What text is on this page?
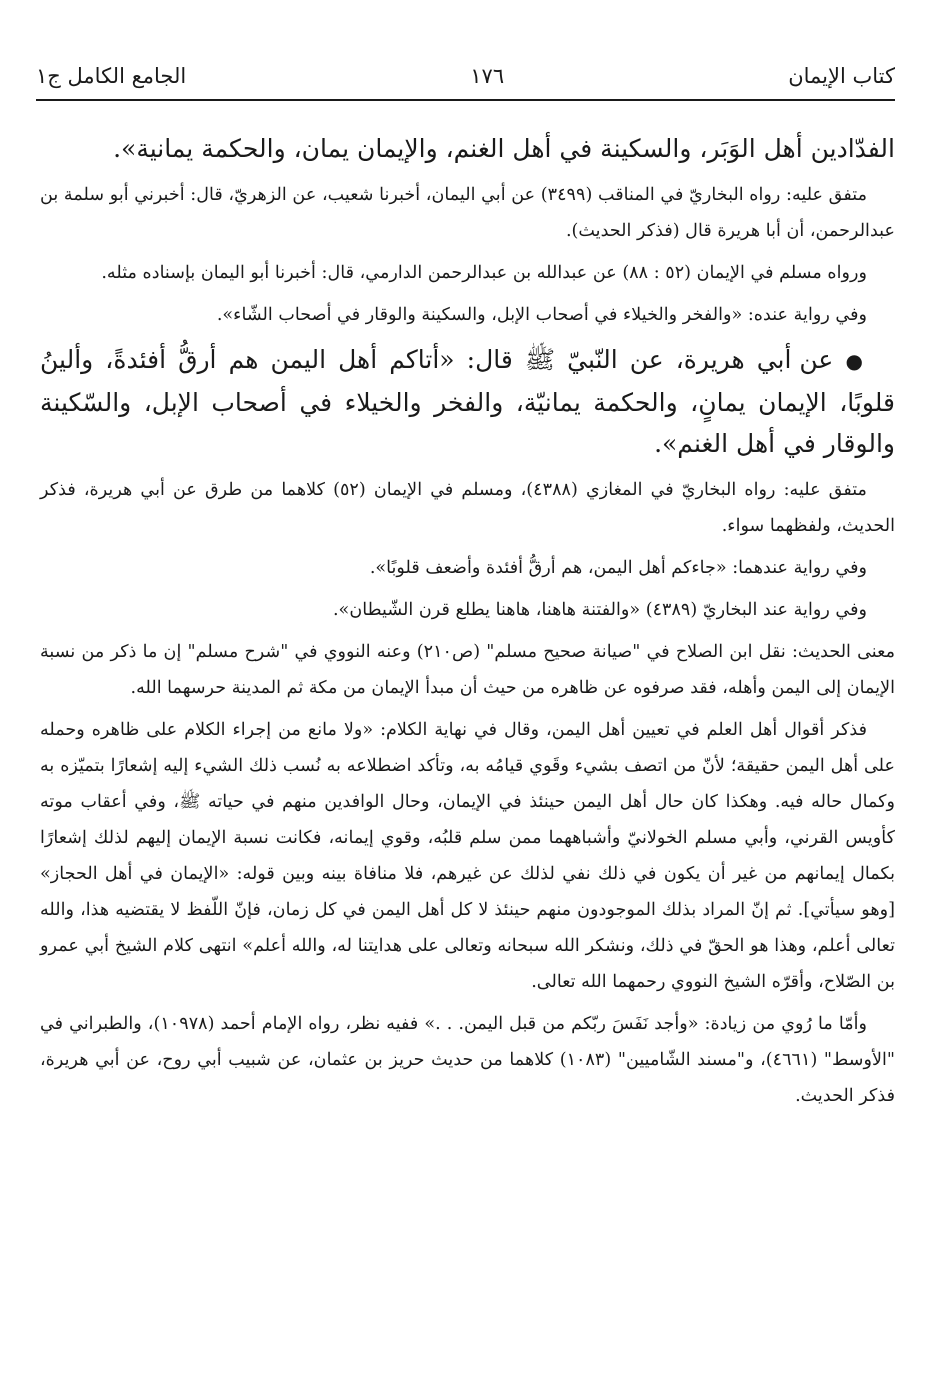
كتاب الإيمان
١٧٦
الجامع الكامل ج١

الفدّادين أهل الوَبَر، والسكينة في أهل الغنم، والإيمان يمان، والحكمة يمانية».

متفق عليه: رواه البخاريّ في المناقب (٣٤٩٩) عن أبي اليمان، أخبرنا شعيب، عن الزهريّ، قال: أخبرني أبو سلمة بن عبدالرحمن، أن أبا هريرة قال (فذكر الحديث).

ورواه مسلم في الإيمان (٥٢ : ٨٨) عن عبدالله بن عبدالرحمن الدارمي، قال: أخبرنا أبو اليمان بإسناده مثله.

وفي رواية عنده: «والفخر والخيلاء في أصحاب الإبل، والسكينة والوقار في أصحاب الشّاء».

● عن أبي هريرة، عن النّبيّ ﷺ قال: «أتاكم أهل اليمن هم أرقُّ أفئدةً، وألينُ قلوبًا، الإيمان يمانٍ، والحكمة يمانيّة، والفخر والخيلاء في أصحاب الإبل، والسّكينة والوقار في أهل الغنم».

متفق عليه: رواه البخاريّ في المغازي (٤٣٨٨)، ومسلم في الإيمان (٥٢) كلاهما من طرق عن أبي هريرة، فذكر الحديث، ولفظهما سواء.

وفي رواية عندهما: «جاءكم أهل اليمن، هم أرقُّ أفئدة وأضعف قلوبًا».

وفي رواية عند البخاريّ (٤٣٨٩) «والفتنة هاهنا، هاهنا يطلع قرن الشّيطان».

معنى الحديث: نقل ابن الصلاح في "صيانة صحيح مسلم" (ص٢١٠) وعنه النووي في "شرح مسلم" إن ما ذكر من نسبة الإيمان إلى اليمن وأهله، فقد صرفوه عن ظاهره من حيث أن مبدأ الإيمان من مكة ثم المدينة حرسهما الله.

فذكر أقوال أهل العلم في تعيين أهل اليمن، وقال في نهاية الكلام: «ولا مانع من إجراء الكلام على ظاهره وحمله على أهل اليمن حقيقة؛ لأنّ من اتصف بشيء وقَوي قيامُه به، وتأكد اضطلاعه به نُسب ذلك الشيء إليه إشعارًا بتميّزه به وكمال حاله فيه. وهكذا كان حال أهل اليمن حينئذ في الإيمان، وحال الوافدين منهم في حياته ﷺ، وفي أعقاب موته كأويس القرني، وأبي مسلم الخولانيّ وأشباههما ممن سلم قلبُه، وقوي إيمانه، فكانت نسبة الإيمان إليهم لذلك إشعارًا بكمال إيمانهم من غير أن يكون في ذلك نفي لذلك عن غيرهم، فلا منافاة بينه وبين قوله: «الإيمان في أهل الحجاز» [وهو سيأتي]. ثم إنّ المراد بذلك الموجودون منهم حينئذ لا كل أهل اليمن في كل زمان، فإنّ اللّفظ لا يقتضيه هذا، والله تعالى أعلم، وهذا هو الحقّ في ذلك، ونشكر الله سبحانه وتعالى على هدايتنا له، والله أعلم» انتهى كلام الشيخ أبي عمرو بن الصّلاح، وأقرّه الشيخ النووي رحمهما الله تعالى.

وأمّا ما رُوي من زيادة: «وأجد نَفَسَ ربّكم من قبل اليمن. . .» ففيه نظر، رواه الإمام أحمد (١٠٩٧٨)، والطبراني في "الأوسط" (٤٦٦١)، و"مسند الشّاميين" (١٠٨٣) كلاهما من حديث حريز بن عثمان، عن شبيب أبي روح، عن أبي هريرة، فذكر الحديث.
